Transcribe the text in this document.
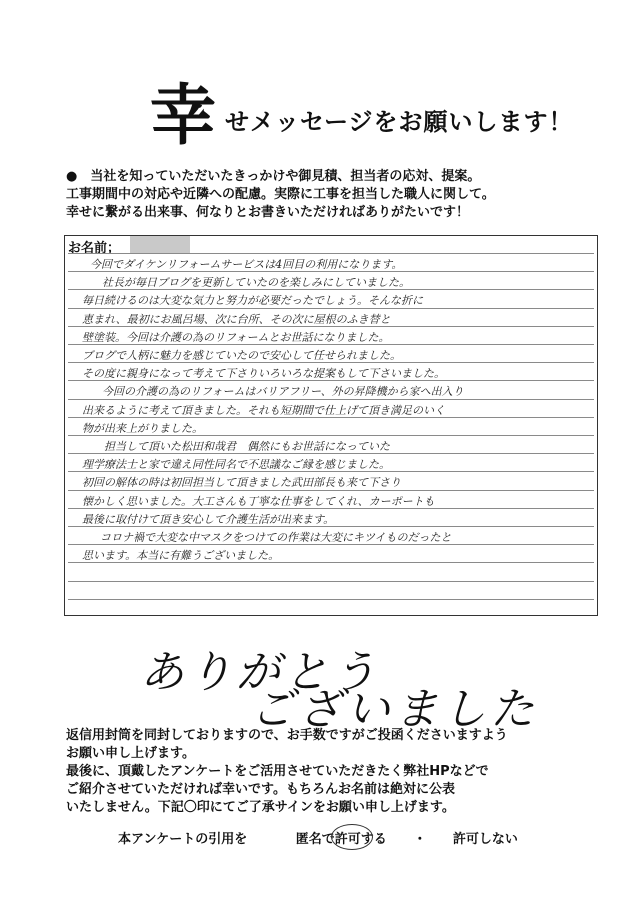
幸 せメッセージをお願いします！
●　当社を知っていただいたきっかけや御見積、担当者の応対、提案。
工事期間中の対応や近隣への配慮。実際に工事を担当した職人に関して。
幸せに繋がる出来事、何なりとお書きいただければありがたいです！
お名前；
今回でダイケンリフォームサービスは4回目の利用になります。
社長が毎日ブログを更新していたのを楽しみにしていました。
毎日続けるのは大変な気力と努力が必要だったでしょう。そんな折に
恵まれ、最初にお風呂場、次に台所、その次に屋根のふき替と
壁塗装。今回は介護の為のリフォームとお世話になりました。
ブログで人柄に魅力を感じていたので安心して任せられました。
その度に親身になって考えて下さりいろいろな提案もして下さいました。
今回の介護の為のリフォームはバリアフリー、外の昇降機から家へ出入り
出来るように考えて頂きました。それも短期間で仕上げて頂き満足のいく
物が出来上がりました。
担当して頂いた松田和哉君　偶然にもお世話になっていた
理学療法士と家で違え同性同名で不思議なご縁を感じました。
初回の解体の時は初回担当して頂きました武田部長も来て下さり
懐かしく思いました。大工さんも丁寧な仕事をしてくれ、カーポートも
最後に取付けて頂き安心して介護生活が出来ます。
コロナ禍で大変な中マスクをつけての作業は大変にキツイものだったと
思います。本当に有難うございました。
ありがとう
ございました
返信用封筒を同封しておりますので、お手数ですがご投函くださいますよう
お願い申し上げます。
最後に、頂戴したアンケートをご活用させていただきたく弊社HPなどで
ご紹介させていただければ幸いです。もちろんお名前は絶対に公表
いたしません。下記〇印にてご了承サインをお願い申し上げます。
本アンケートの引用を	匿名で
許可する ・ 許可しない
